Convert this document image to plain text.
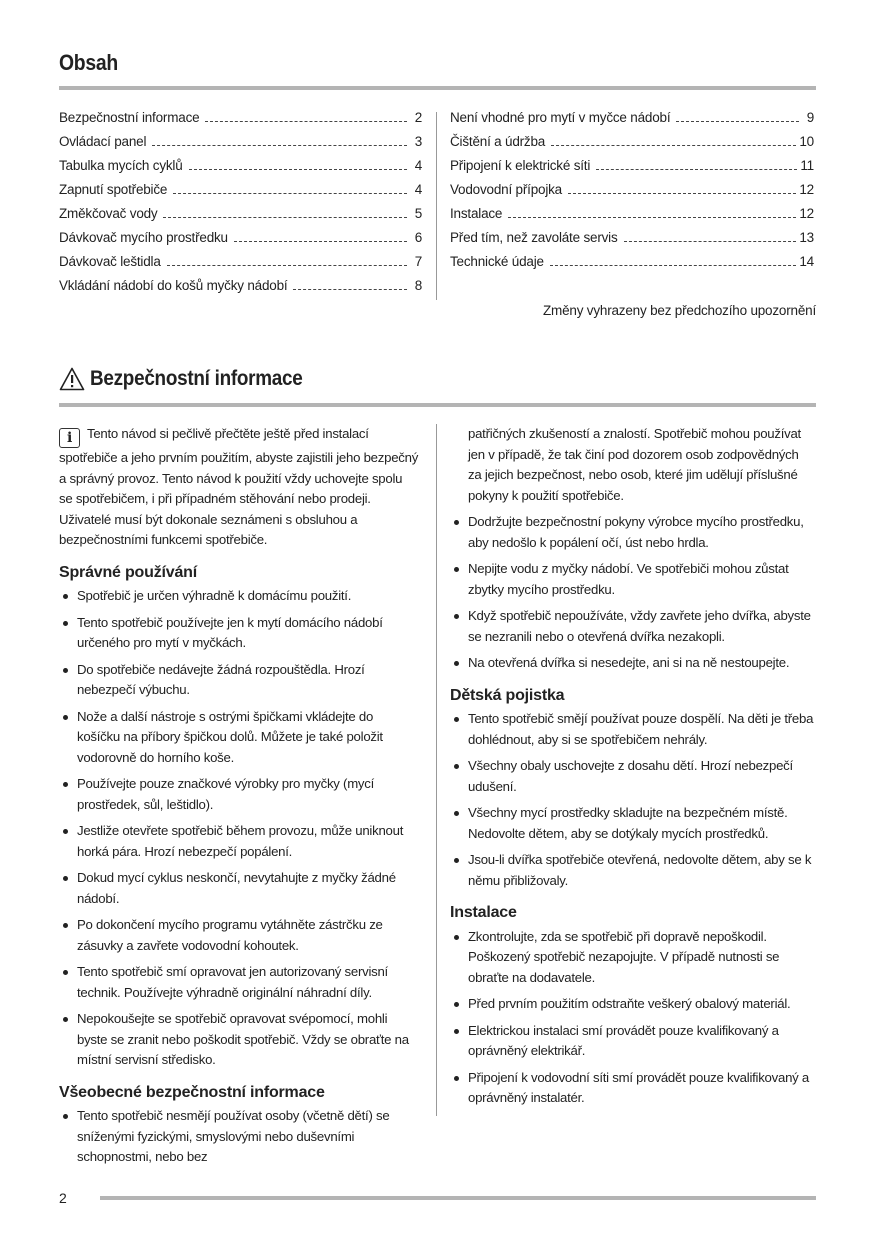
Obsah
Bezpečnostní informace	2
Ovládací panel	3
Tabulka mycích cyklů	4
Zapnutí spotřebiče	4
Změkčovač vody	5
Dávkovač mycího prostředku	6
Dávkovač leštidla	7
Vkládání nádobí do košů myčky nádobí	8
Není vhodné pro mytí v myčce nádobí	9
Čištění a údržba	10
Připojení k elektrické síti	11
Vodovodní přípojka	12
Instalace	12
Před tím, než zavoláte servis	13
Technické údaje	14
Změny vyhrazeny bez předchozího upozornění
Bezpečnostní informace

i Tento návod si pečlivě přečtěte ještě před instalací spotřebiče a jeho prvním použitím, abyste zajistili jeho bezpečný a správný provoz. Tento návod k použití vždy uchovejte spolu se spotřebičem, i při případném stěhování nebo prodeji. Uživatelé musí být dokonale seznámeni s obsluhou a bezpečnostními funkcemi spotřebiče.

Správné používání
Spotřebič je určen výhradně k domácímu použití.
Tento spotřebič používejte jen k mytí domácího nádobí určeného pro mytí v myčkách.
Do spotřebiče nedávejte žádná rozpouštědla. Hrozí nebezpečí výbuchu.
Nože a další nástroje s ostrými špičkami vkládejte do košíčku na příbory špičkou dolů. Můžete je také položit vodorovně do horního koše.
Používejte pouze značkové výrobky pro myčky (mycí prostředek, sůl, leštidlo).
Jestliže otevřete spotřebič během provozu, může uniknout horká pára. Hrozí nebezpečí popálení.
Dokud mycí cyklus neskončí, nevytahujte z myčky žádné nádobí.
Po dokončení mycího programu vytáhněte zástrčku ze zásuvky a zavřete vodovodní kohoutek.
Tento spotřebič smí opravovat jen autorizovaný servisní technik. Používejte výhradně originální náhradní díly.
Nepokoušejte se spotřebič opravovat svépomocí, mohli byste se zranit nebo poškodit spotřebič. Vždy se obraťte na místní servisní středisko.
Všeobecné bezpečnostní informace
Tento spotřebič nesmějí používat osoby (včetně dětí) se sníženými fyzickými, smyslovými nebo duševními schopnostmi, nebo bez

patřičných zkušeností a znalostí. Spotřebič mohou používat jen v případě, že tak činí pod dozorem osob zodpovědných za jejich bezpečnost, nebo osob, které jim udělují příslušné pokyny k použití spotřebiče.

Dodržujte bezpečnostní pokyny výrobce mycího prostředku, aby nedošlo k popálení očí, úst nebo hrdla.
Nepijte vodu z myčky nádobí. Ve spotřebiči mohou zůstat zbytky mycího prostředku.
Když spotřebič nepoužíváte, vždy zavřete jeho dvířka, abyste se nezranili nebo o otevřená dvířka nezakopli.
Na otevřená dvířka si nesedejte, ani si na ně nestoupejte.
Dětská pojistka
Tento spotřebič smějí používat pouze dospělí. Na děti je třeba dohlédnout, aby si se spotřebičem nehrály.
Všechny obaly uschovejte z dosahu dětí. Hrozí nebezpečí udušení.
Všechny mycí prostředky skladujte na bezpečném místě. Nedovolte dětem, aby se dotýkaly mycích prostředků.
Jsou-li dvířka spotřebiče otevřená, nedovolte dětem, aby se k němu přibližovaly.
Instalace
Zkontrolujte, zda se spotřebič při dopravě nepoškodil. Poškozený spotřebič nezapojujte. V případě nutnosti se obraťte na dodavatele.
Před prvním použitím odstraňte veškerý obalový materiál.
Elektrickou instalaci smí provádět pouze kvalifikovaný a oprávněný elektrikář.
Připojení k vodovodní síti smí provádět pouze kvalifikovaný a oprávněný instalatér.
2
